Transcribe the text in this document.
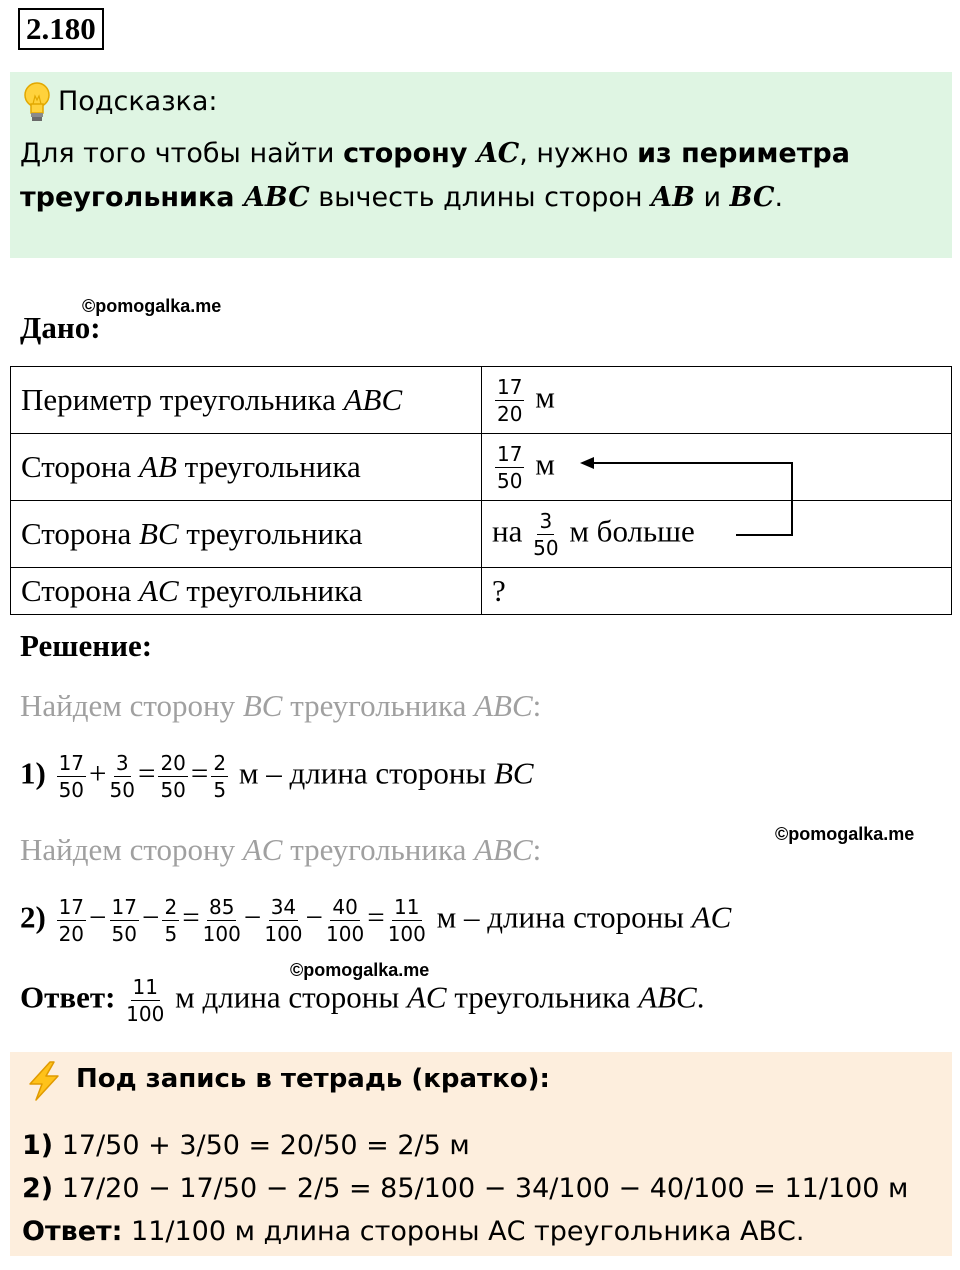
2.180
Подсказка:
Для того чтобы найти сторону AC, нужно из периметра треугольника ABC вычесть длины сторон AB и BC.
©pomogalka.me
Дано:
Периметр треугольника ABC	$\frac{17}{20}$ м
Сторона AB треугольника	$\frac{17}{50}$ м
Сторона BC треугольника	на $\frac{3}{50}$ м больше
Сторона AC треугольника	?
Решение:
Найдем сторону BC треугольника ABC:
$1) \frac{17}{50} + \frac{3}{50} = \frac{20}{50} = \frac{2}{5}$ м – длина стороны BC
©pomogalka.me
Найдем сторону AC треугольника ABC:
$2) \frac{17}{20} - \frac{17}{50} - \frac{2}{5} = \frac{85}{100} - \frac{34}{100} - \frac{40}{100} = \frac{11}{100}$ м – длина стороны AC
©pomogalka.me
Ответ: $\frac{11}{100}$ м длина стороны AC треугольника ABC.
Под запись в тетрадь (кратко):
1) 17/50 + 3/50 = 20/50 = 2/5 м
2) 17/20 − 17/50 − 2/5 = 85/100 − 34/100 − 40/100 = 11/100 м
Ответ: 11/100 м длина стороны АС треугольника АВС.
